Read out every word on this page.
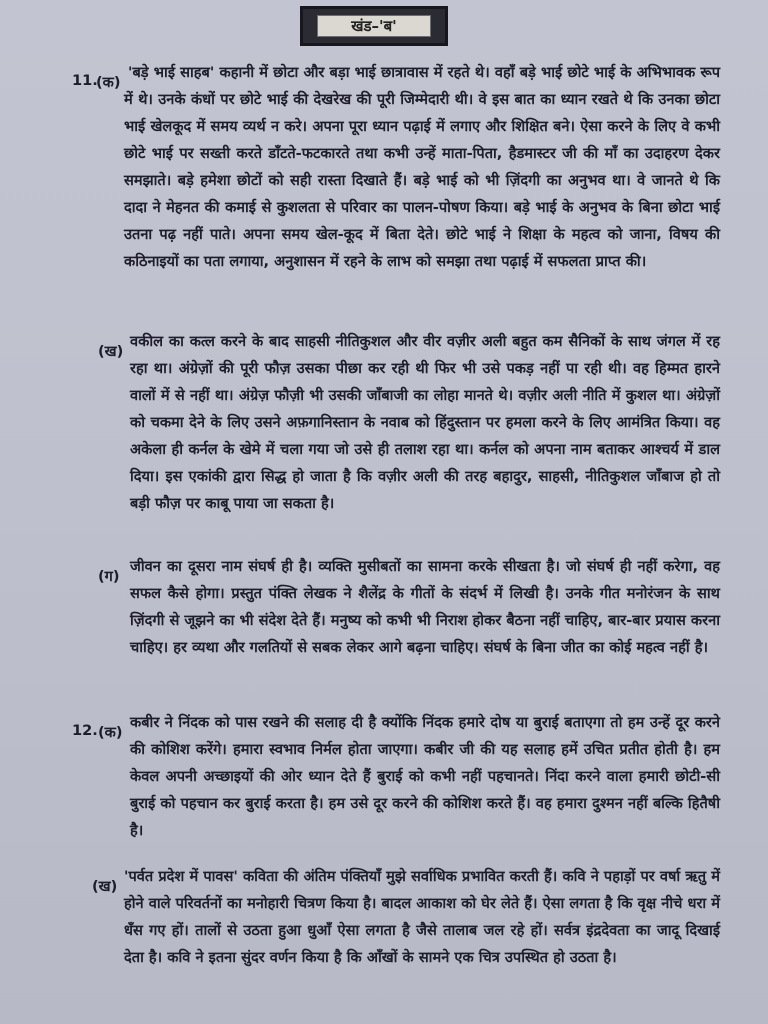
खंड–'ब'
11.
(क)
'बड़े भाई साहब' कहानी में छोटा और बड़ा भाई छात्रावास में रहते थे। वहाँ बड़े भाई छोटे भाई के अभिभावक रूप में थे। उनके कंधों पर छोटे भाई की देखरेख की पूरी जिम्मेदारी थी। वे इस बात का ध्यान रखते थे कि उनका छोटा भाई खेलकूद में समय व्यर्थ न करे। अपना पूरा ध्यान पढ़ाई में लगाए और शिक्षित बने। ऐसा करने के लिए वे कभी छोटे भाई पर सख्ती करते डाँटते-फटकारते तथा कभी उन्हें माता-पिता, हैडमास्टर जी की माँ का उदाहरण देकर समझाते। बड़े हमेशा छोटों को सही रास्ता दिखाते हैं। बड़े भाई को भी ज़िंदगी का अनुभव था। वे जानते थे कि दादा ने मेहनत की कमाई से कुशलता से परिवार का पालन-पोषण किया। बड़े भाई के अनुभव के बिना छोटा भाई उतना पढ़ नहीं पाते। अपना समय खेल-कूद में बिता देते। छोटे भाई ने शिक्षा के महत्व को जाना, विषय की कठिनाइयों का पता लगाया, अनुशासन में रहने के लाभ को समझा तथा पढ़ाई में सफलता प्राप्त की।
(ख)
वकील का कत्ल करने के बाद साहसी नीतिकुशल और वीर वज़ीर अली बहुत कम सैनिकों के साथ जंगल में रह रहा था। अंग्रेज़ों की पूरी फौज़ उसका पीछा कर रही थी फिर भी उसे पकड़ नहीं पा रही थी। वह हिम्मत हारने वालों में से नहीं था। अंग्रेज़ फौज़ी भी उसकी जाँबाजी का लोहा मानते थे। वज़ीर अली नीति में कुशल था। अंग्रेज़ों को चकमा देने के लिए उसने अफ़गानिस्तान के नवाब को हिंदुस्तान पर हमला करने के लिए आमंत्रित किया। वह अकेला ही कर्नल के खेमे में चला गया जो उसे ही तलाश रहा था। कर्नल को अपना नाम बताकर आश्चर्य में डाल दिया। इस एकांकी द्वारा सिद्ध हो जाता है कि वज़ीर अली की तरह बहादुर, साहसी, नीतिकुशल जाँबाज हो तो बड़ी फौज़ पर काबू पाया जा सकता है।
(ग)
जीवन का दूसरा नाम संघर्ष ही है। व्यक्ति मुसीबतों का सामना करके सीखता है। जो संघर्ष ही नहीं करेगा, वह सफल कैसे होगा। प्रस्तुत पंक्ति लेखक ने शैलेंद्र के गीतों के संदर्भ में लिखी है। उनके गीत मनोरंजन के साथ ज़िंदगी से जूझने का भी संदेश देते हैं। मनुष्य को कभी भी निराश होकर बैठना नहीं चाहिए, बार-बार प्रयास करना चाहिए। हर व्यथा और गलतियों से सबक लेकर आगे बढ़ना चाहिए। संघर्ष के बिना जीत का कोई महत्व नहीं है।
12. (क)
कबीर ने निंदक को पास रखने की सलाह दी है क्योंकि निंदक हमारे दोष या बुराई बताएगा तो हम उन्हें दूर करने की कोशिश करेंगे। हमारा स्वभाव निर्मल होता जाएगा। कबीर जी की यह सलाह हमें उचित प्रतीत होती है। हम केवल अपनी अच्छाइयों की ओर ध्यान देते हैं बुराई को कभी नहीं पहचानते। निंदा करने वाला हमारी छोटी-सी बुराई को पहचान कर बुराई करता है। हम उसे दूर करने की कोशिश करते हैं। वह हमारा दुश्मन नहीं बल्कि हितैषी है।
(ख)
'पर्वत प्रदेश में पावस' कविता की अंतिम पंक्तियाँ मुझे सर्वाधिक प्रभावित करती हैं। कवि ने पहाड़ों पर वर्षा ऋतु में होने वाले परिवर्तनों का मनोहारी चित्रण किया है। बादल आकाश को घेर लेते हैं। ऐसा लगता है कि वृक्ष नीचे धरा में धँस गए हों। तालों से उठता हुआ धुआँ ऐसा लगता है जैसे तालाब जल रहे हों। सर्वत्र इंद्रदेवता का जादू दिखाई देता है। कवि ने इतना सुंदर वर्णन किया है कि आँखों के सामने एक चित्र उपस्थित हो उठता है।
